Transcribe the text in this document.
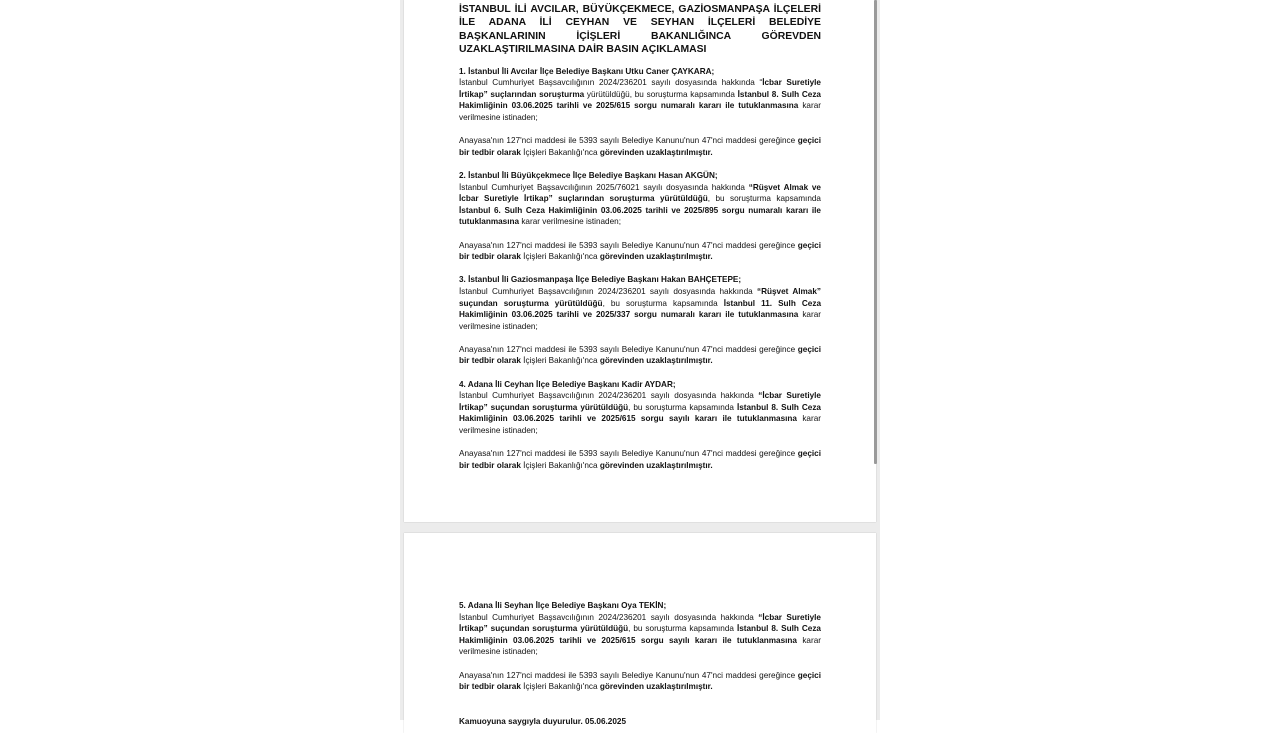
İSTANBUL İLİ AVCILAR, BÜYÜKÇEKMECE, GAZİOSMANPAŞA İLÇELERİ İLE ADANA İLİ CEYHAN VE SEYHAN İLÇELERİ BELEDİYE BAŞKANLARININ İÇİŞLERİ BAKANLIĞINCA GÖREVDEN UZAKLAŞTIRILMASINA DAİR BASIN AÇIKLAMASI

1. İstanbul İli Avcılar İlçe Belediye Başkanı Utku Caner ÇAYKARA;

İstanbul Cumhuriyet Başsavcılığının 2024/236201 sayılı dosyasında hakkında “İcbar Suretiyle İrtikap” suçlarından soruşturma yürütüldüğü, bu soruşturma kapsamında İstanbul 8. Sulh Ceza Hakimliğinin 03.06.2025 tarihli ve 2025/615 sorgu numaralı kararı ile tutuklanmasına karar verilmesine istinaden;

Anayasa'nın 127'nci maddesi ile 5393 sayılı Belediye Kanunu'nun 47'nci maddesi gereğince geçici bir tedbir olarak İçişleri Bakanlığı'nca görevinden uzaklaştırılmıştır.

2. İstanbul İli Büyükçekmece İlçe Belediye Başkanı Hasan AKGÜN;

İstanbul Cumhuriyet Başsavcılığının 2025/76021 sayılı dosyasında hakkında “Rüşvet Almak ve İcbar Suretiyle İrtikap” suçlarından soruşturma yürütüldüğü, bu soruşturma kapsamında İstanbul 6. Sulh Ceza Hakimliğinin 03.06.2025 tarihli ve 2025/895 sorgu numaralı kararı ile tutuklanmasına karar verilmesine istinaden;

Anayasa'nın 127'nci maddesi ile 5393 sayılı Belediye Kanunu'nun 47'nci maddesi gereğince geçici bir tedbir olarak İçişleri Bakanlığı'nca görevinden uzaklaştırılmıştır.

3. İstanbul İli Gaziosmanpaşa İlçe Belediye Başkanı Hakan BAHÇETEPE;

İstanbul Cumhuriyet Başsavcılığının 2024/236201 sayılı dosyasında hakkında “Rüşvet Almak” suçundan soruşturma yürütüldüğü, bu soruşturma kapsamında İstanbul 11. Sulh Ceza Hakimliğinin 03.06.2025 tarihli ve 2025/337 sorgu numaralı kararı ile tutuklanmasına karar verilmesine istinaden;

Anayasa'nın 127'nci maddesi ile 5393 sayılı Belediye Kanunu'nun 47'nci maddesi gereğince geçici bir tedbir olarak İçişleri Bakanlığı'nca görevinden uzaklaştırılmıştır.

4. Adana İli Ceyhan İlçe Belediye Başkanı Kadir AYDAR;

İstanbul Cumhuriyet Başsavcılığının 2024/236201 sayılı dosyasında hakkında “İcbar Suretiyle İrtikap” suçundan soruşturma yürütüldüğü, bu soruşturma kapsamında İstanbul 8. Sulh Ceza Hakimliğinin 03.06.2025 tarihli ve 2025/615 sorgu sayılı kararı ile tutuklanmasına karar verilmesine istinaden;

Anayasa'nın 127'nci maddesi ile 5393 sayılı Belediye Kanunu'nun 47'nci maddesi gereğince geçici bir tedbir olarak İçişleri Bakanlığı'nca görevinden uzaklaştırılmıştır.

5. Adana İli Seyhan İlçe Belediye Başkanı Oya TEKİN;

İstanbul Cumhuriyet Başsavcılığının 2024/236201 sayılı dosyasında hakkında “İcbar Suretiyle İrtikap” suçundan soruşturma yürütüldüğü, bu soruşturma kapsamında İstanbul 8. Sulh Ceza Hakimliğinin 03.06.2025 tarihli ve 2025/615 sorgu sayılı kararı ile tutuklanmasına karar verilmesine istinaden;

Anayasa'nın 127'nci maddesi ile 5393 sayılı Belediye Kanunu'nun 47'nci maddesi gereğince geçici bir tedbir olarak İçişleri Bakanlığı'nca görevinden uzaklaştırılmıştır.

Kamuoyuna saygıyla duyurulur. 05.06.2025
